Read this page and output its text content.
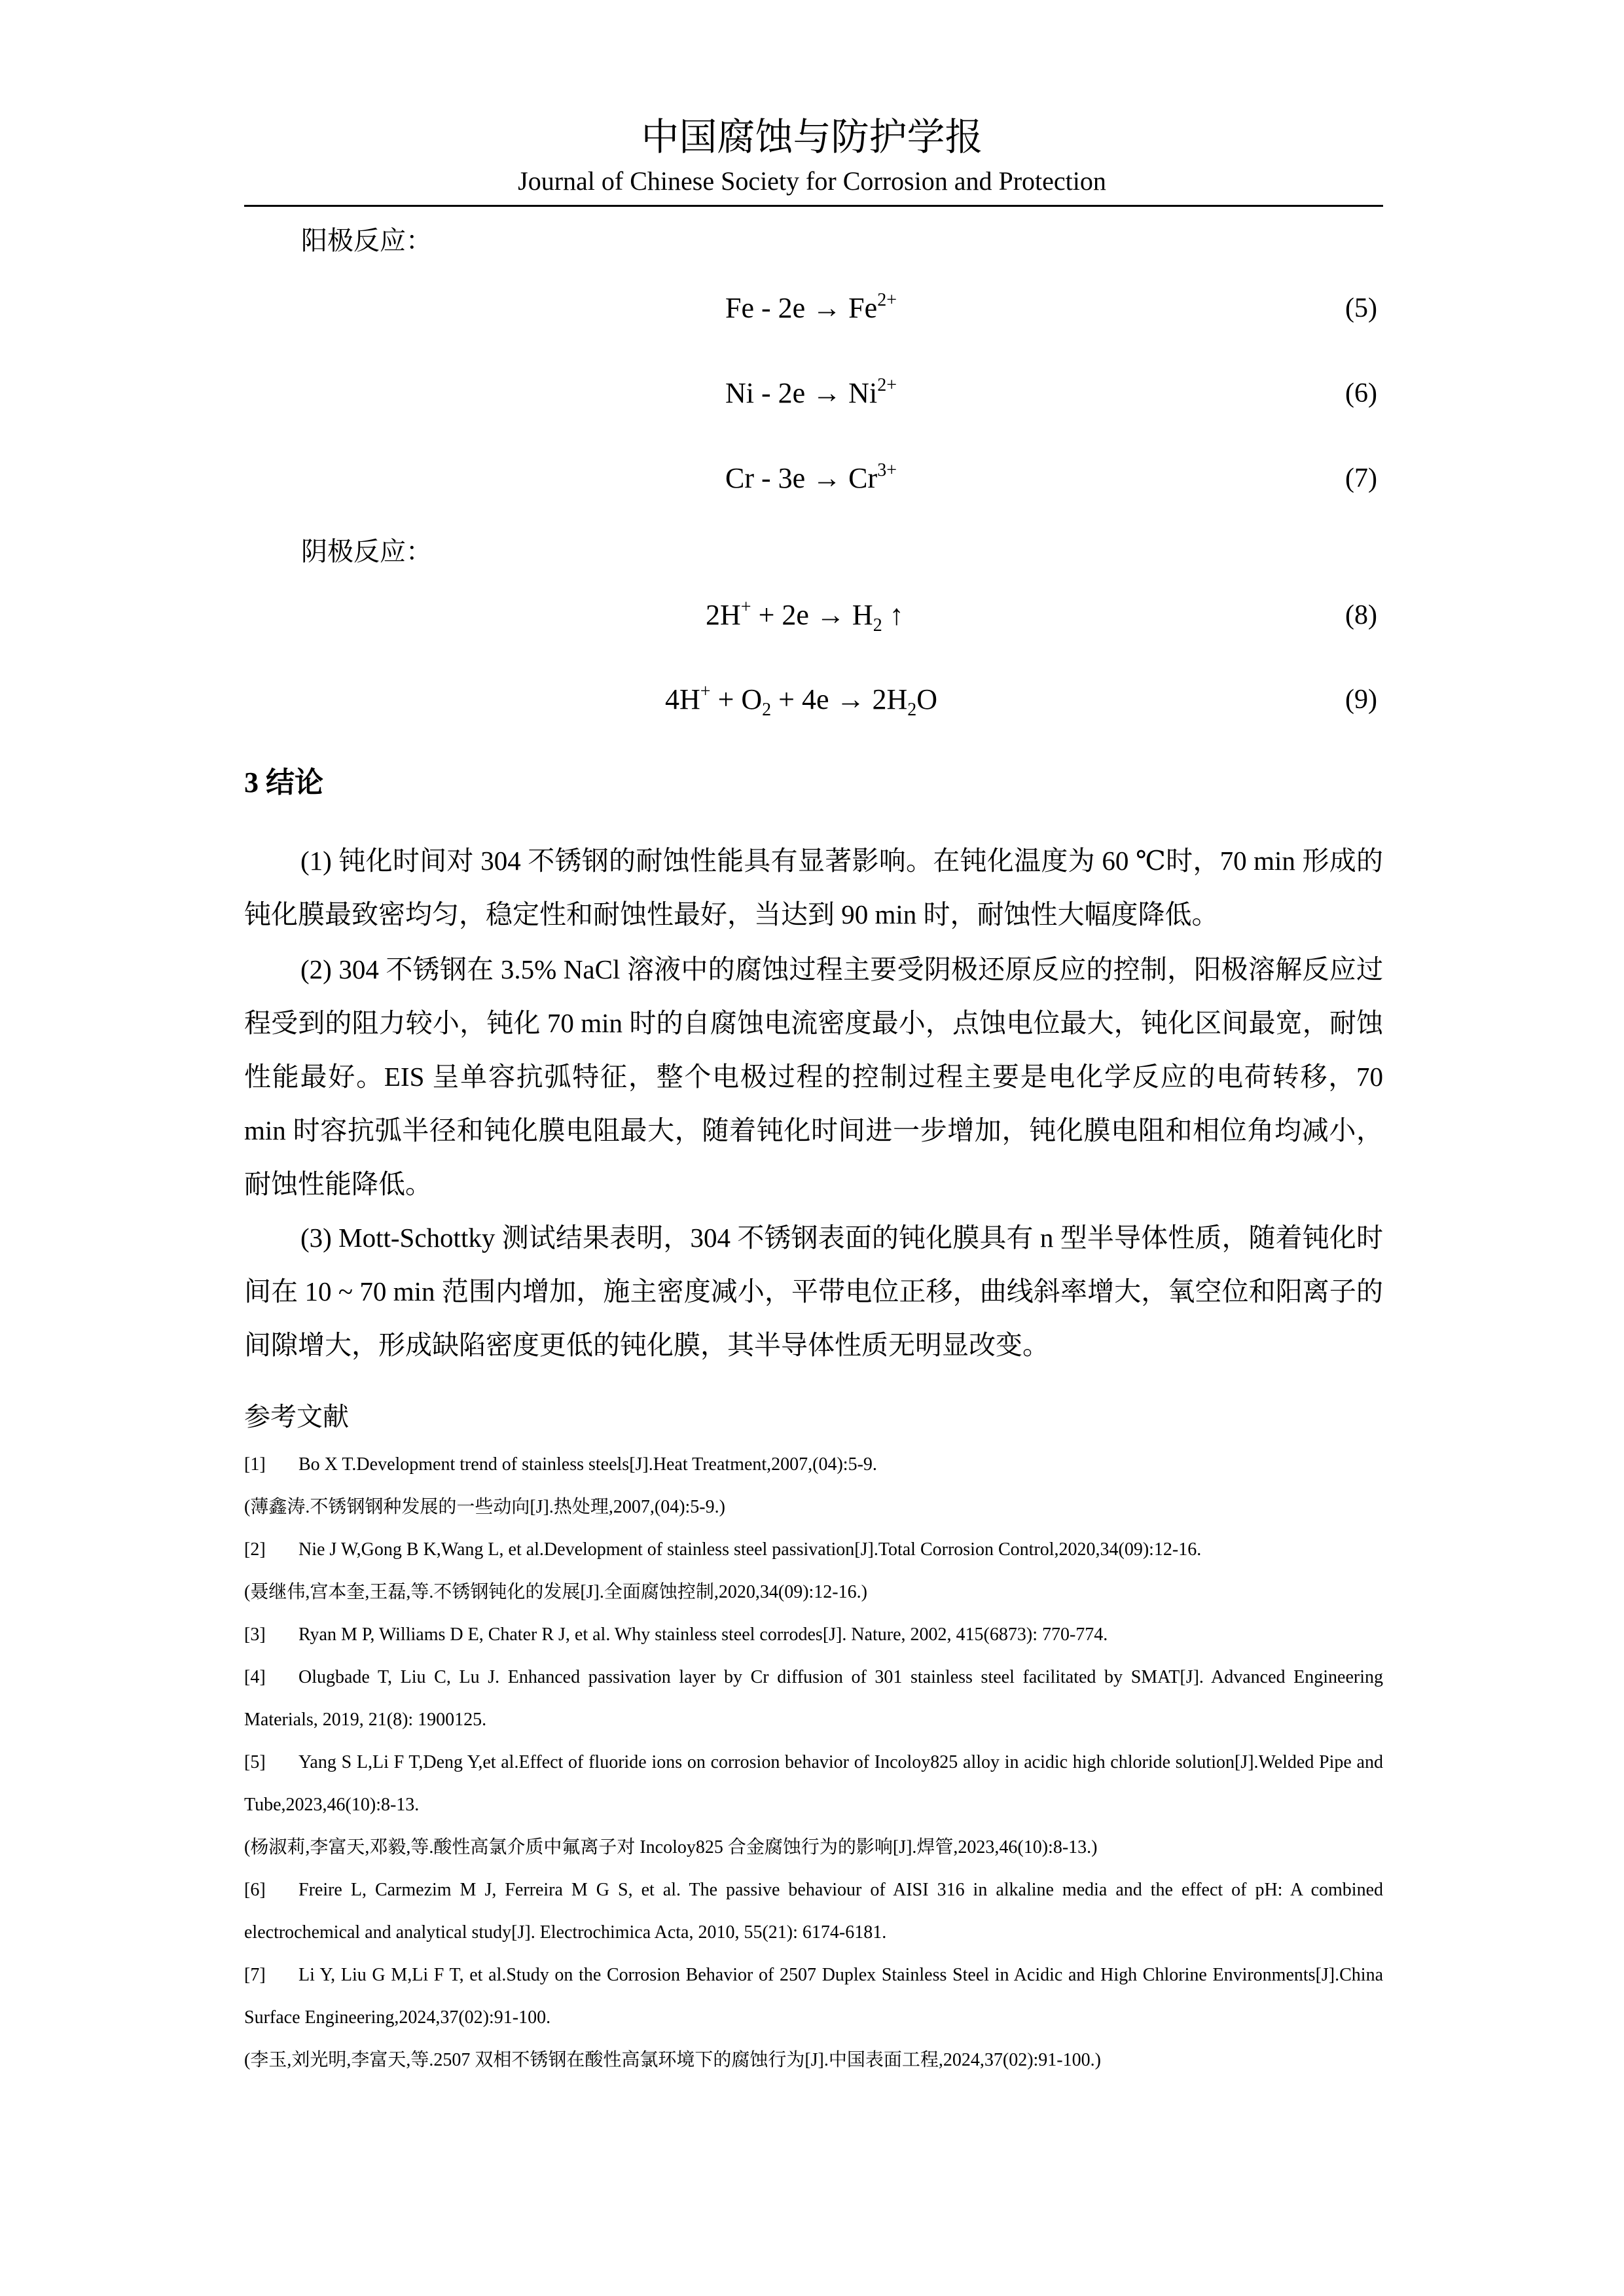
中国腐蚀与防护学报
Journal of Chinese Society for Corrosion and Protection
阳极反应：
$Fe - 2e \to Fe^{2+}$	(5)
$Ni - 2e \to Ni^{2+}$	(6)
$Cr - 3e \to Cr^{3+}$	(7)
阴极反应：
$2H^+ + 2e \to H_2$ ↑	(8)
$4H^+ + O_2 + 4e \to 2H_2O$	(9)
3 结论

(1) 钝化时间对 304 不锈钢的耐蚀性能具有显著影响。在钝化温度为 60 ℃时，70 min 形成的钝化膜最致密均匀，稳定性和耐蚀性最好，当达到 90 min 时，耐蚀性大幅度降低。

(2) 304 不锈钢在 3.5% NaCl 溶液中的腐蚀过程主要受阴极还原反应的控制，阳极溶解反应过程受到的阻力较小，钝化 70 min 时的自腐蚀电流密度最小，点蚀电位最大，钝化区间最宽，耐蚀性能最好。EIS 呈单容抗弧特征，整个电极过程的控制过程主要是电化学反应的电荷转移，70 min 时容抗弧半径和钝化膜电阻最大，随着钝化时间进一步增加，钝化膜电阻和相位角均减小，耐蚀性能降低。

(3) Mott-Schottky 测试结果表明，304 不锈钢表面的钝化膜具有 n 型半导体性质，随着钝化时间在 10 ~ 70 min 范围内增加，施主密度减小，平带电位正移，曲线斜率增大，氧空位和阳离子的间隙增大，形成缺陷密度更低的钝化膜，其半导体性质无明显改变。

参考文献
[1] Bo X T.Development trend of stainless steels[J].Heat Treatment,2007,(04):5-9.
(薄鑫涛.不锈钢钢种发展的一些动向[J].热处理,2007,(04):5-9.)
[2] Nie J W,Gong B K,Wang L, et al.Development of stainless steel passivation[J].Total Corrosion Control,2020,34(09):12-16.
(聂继伟,宫本奎,王磊,等.不锈钢钝化的发展[J].全面腐蚀控制,2020,34(09):12-16.)
[3] Ryan M P, Williams D E, Chater R J, et al. Why stainless steel corrodes[J]. Nature, 2002, 415(6873): 770-774.
[4] Olugbade T, Liu C, Lu J. Enhanced passivation layer by Cr diffusion of 301 stainless steel facilitated by SMAT[J]. Advanced Engineering Materials, 2019, 21(8): 1900125.
[5] Yang S L,Li F T,Deng Y,et al.Effect of fluoride ions on corrosion behavior of Incoloy825 alloy in acidic high chloride solution[J].Welded Pipe and Tube,2023,46(10):8-13.
(杨淑莉,李富天,邓毅,等.酸性高氯介质中氟离子对 Incoloy825 合金腐蚀行为的影响[J].焊管,2023,46(10):8-13.)
[6] Freire L, Carmezim M J, Ferreira M G S, et al. The passive behaviour of AISI 316 in alkaline media and the effect of pH: A combined electrochemical and analytical study[J]. Electrochimica Acta, 2010, 55(21): 6174-6181.
[7] Li Y, Liu G M,Li F T, et al.Study on the Corrosion Behavior of 2507 Duplex Stainless Steel in Acidic and High Chlorine Environments[J].China Surface Engineering,2024,37(02):91-100.
(李玉,刘光明,李富天,等.2507 双相不锈钢在酸性高氯环境下的腐蚀行为[J].中国表面工程,2024,37(02):91-100.)
